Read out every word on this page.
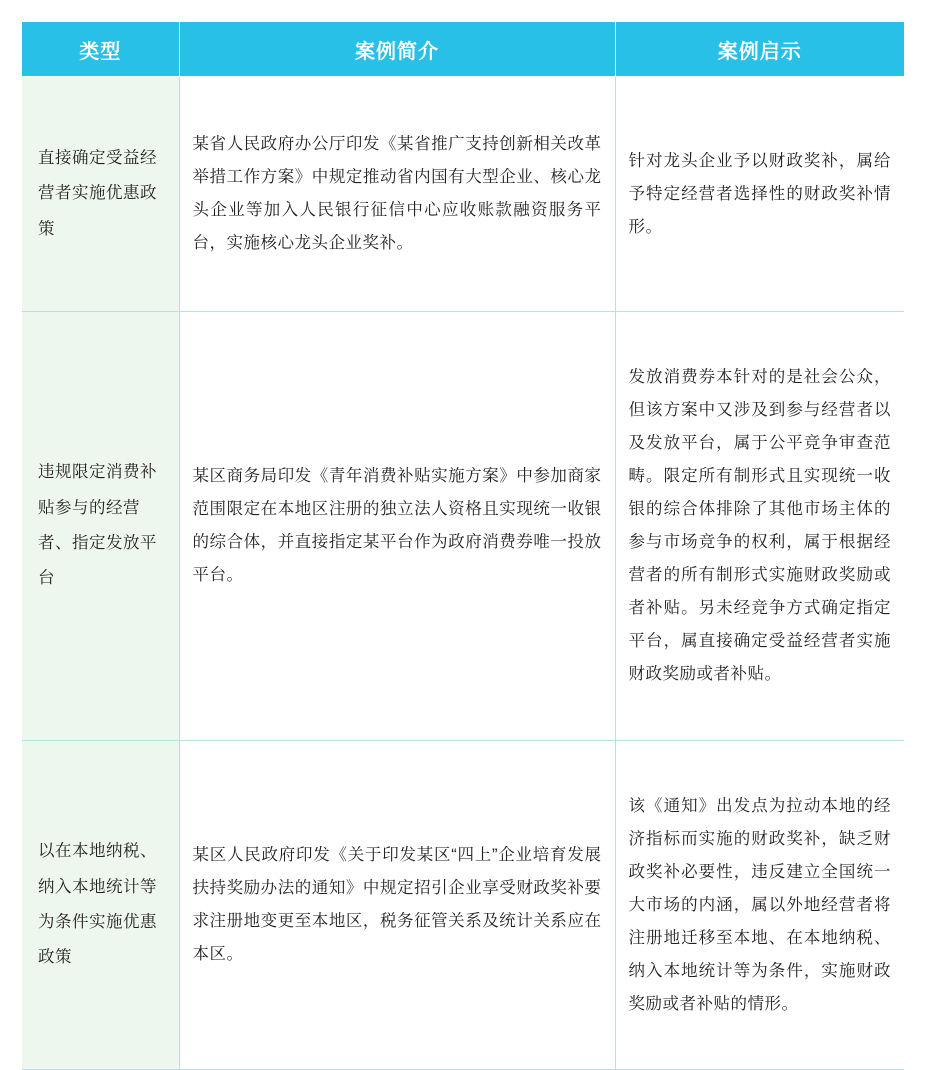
类型	案例简介	案例启示

直接确定受益经营者实施优惠政策	某省人民政府办公厅印发《某省推广支持创新相关改革举措工作方案》中规定推动省内国有大型企业、核心龙头企业等加入人民银行征信中心应收账款融资服务平台，实施核心龙头企业奖补。	针对龙头企业予以财政奖补，属给予特定经营者选择性的财政奖补情形。

违规限定消费补贴参与的经营者、指定发放平台	某区商务局印发《青年消费补贴实施方案》中参加商家范围限定在本地区注册的独立法人资格且实现统一收银的综合体，并直接指定某平台作为政府消费券唯一投放平台。	发放消费券本针对的是社会公众，但该方案中又涉及到参与经营者以及发放平台，属于公平竞争审查范畴。限定所有制形式且实现统一收银的综合体排除了其他市场主体的参与市场竞争的权利，属于根据经营者的所有制形式实施财政奖励或者补贴。另未经竞争方式确定指定平台，属直接确定受益经营者实施财政奖励或者补贴。

以在本地纳税、纳入本地统计等为条件实施优惠政策	某区人民政府印发《关于印发某区“四上”企业培育发展扶持奖励办法的通知》中规定招引企业享受财政奖补要求注册地变更至本地区，税务征管关系及统计关系应在本区。	该《通知》出发点为拉动本地的经济指标而实施的财政奖补，缺乏财政奖补必要性，违反建立全国统一大市场的内涵，属以外地经营者将注册地迁移至本地、在本地纳税、纳入本地统计等为条件，实施财政奖励或者补贴的情形。
